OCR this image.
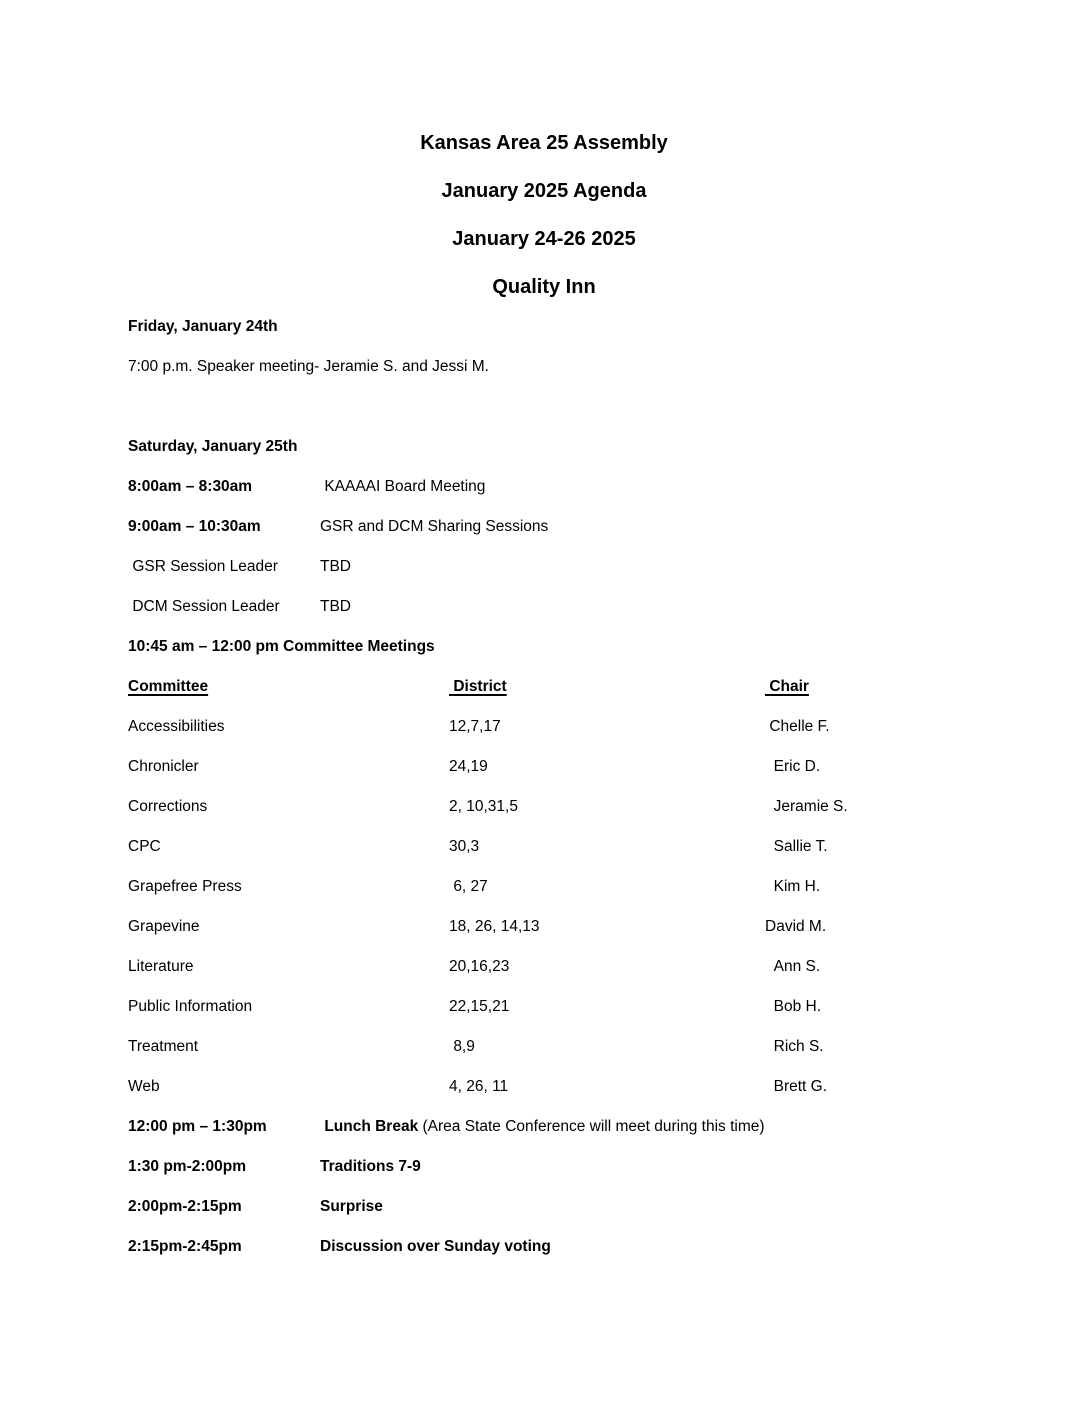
Kansas Area 25 Assembly

January 2025 Agenda

January 24-26 2025

Quality Inn

Friday, January 24th

7:00 p.m. Speaker meeting- Jeramie S. and Jessi M.

Saturday, January 25th

8:00am – 8:30am	KAAAAI Board Meeting
9:00am – 10:30am	GSR and DCM Sharing Sessions
GSR Session Leader	TBD
DCM Session Leader	TBD

10:45 am – 12:00 pm Committee Meetings

Committee	District	Chair
Accessibilities	12,7,17	Chelle F.
Chronicler	24,19	Eric D.
Corrections	2, 10,31,5	Jeramie S.
CPC	30,3	Sallie T.
Grapefree Press	6, 27	Kim H.
Grapevine	18, 26, 14,13	David M.
Literature	20,16,23	Ann S.
Public Information	22,15,21	Bob H.
Treatment	8,9	Rich S.
Web	4, 26, 11	Brett G.
12:00 pm – 1:30pm	Lunch Break (Area State Conference will meet during this time)
1:30 pm-2:00pm	Traditions 7-9
2:00pm-2:15pm	Surprise
2:15pm-2:45pm	Discussion over Sunday voting
